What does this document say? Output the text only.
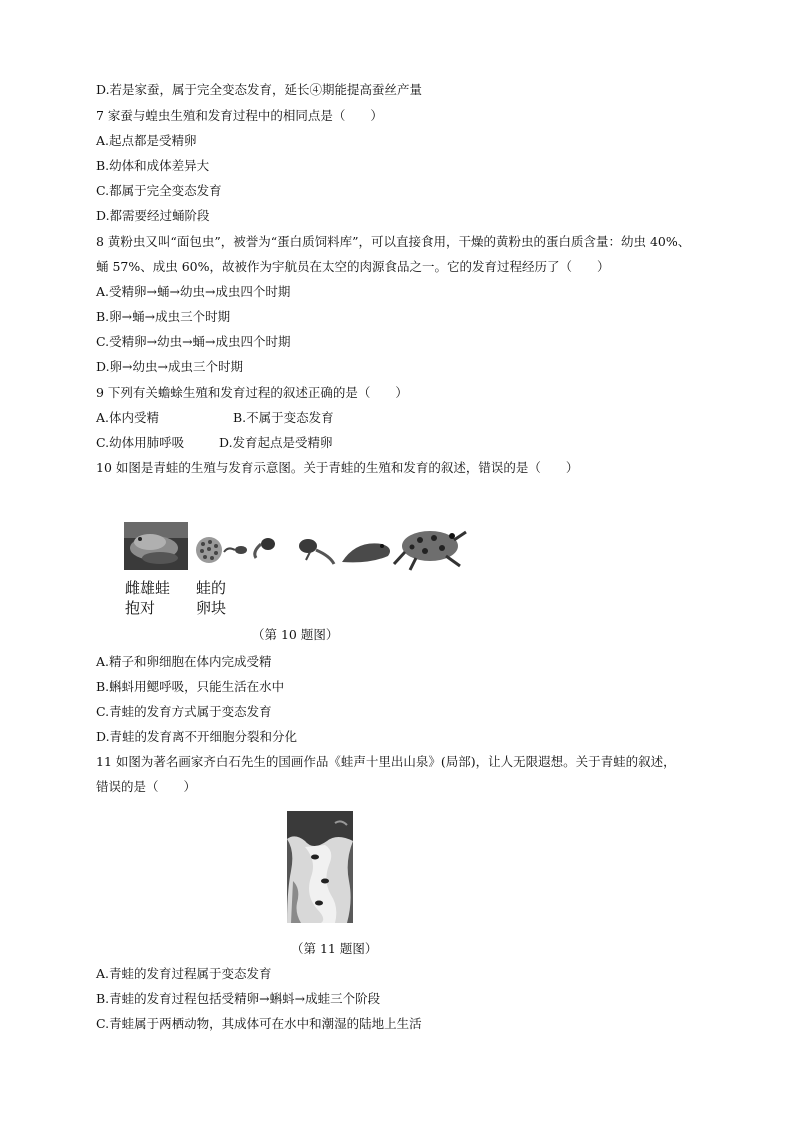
D.若是家蚕，属于完全变态发育，延长④期能提高蚕丝产量
7 家蚕与蝗虫生殖和发育过程中的相同点是（　　）
A.起点都是受精卵
B.幼体和成体差异大
C.都属于完全变态发育
D.都需要经过蛹阶段
8 黄粉虫又叫“面包虫”，被誉为“蛋白质饲料库”，可以直接食用，干燥的黄粉虫的蛋白质含量：幼虫 40%、
蛹 57%、成虫 60%，故被作为宇航员在太空的肉源食品之一。它的发育过程经历了（　　）
A.受精卵→蛹→幼虫→成虫四个时期
B.卵→蛹→成虫三个时期
C.受精卵→幼虫→蛹→成虫四个时期
D.卵→幼虫→成虫三个时期
9 下列有关蟾蜍生殖和发育过程的叙述正确的是（　　）
A.体内受精	B.不属于变态发育
C.幼体用肺呼吸	D.发育起点是受精卵
10 如图是青蛙的生殖与发育示意图。关于青蛙的生殖和发育的叙述，错误的是（　　）
雌雄蛙
抱对
蛙的
卵块
（第 10 题图）
A.精子和卵细胞在体内完成受精
B.蝌蚪用鳃呼吸，只能生活在水中
C.青蛙的发育方式属于变态发育
D.青蛙的发育离不开细胞分裂和分化
11 如图为著名画家齐白石先生的国画作品《蛙声十里出山泉》(局部)，让人无限遐想。关于青蛙的叙述，
错误的是（　　）
（第 11 题图）
A.青蛙的发育过程属于变态发育
B.青蛙的发育过程包括受精卵→蝌蚪→成蛙三个阶段
C.青蛙属于两栖动物，其成体可在水中和潮湿的陆地上生活
